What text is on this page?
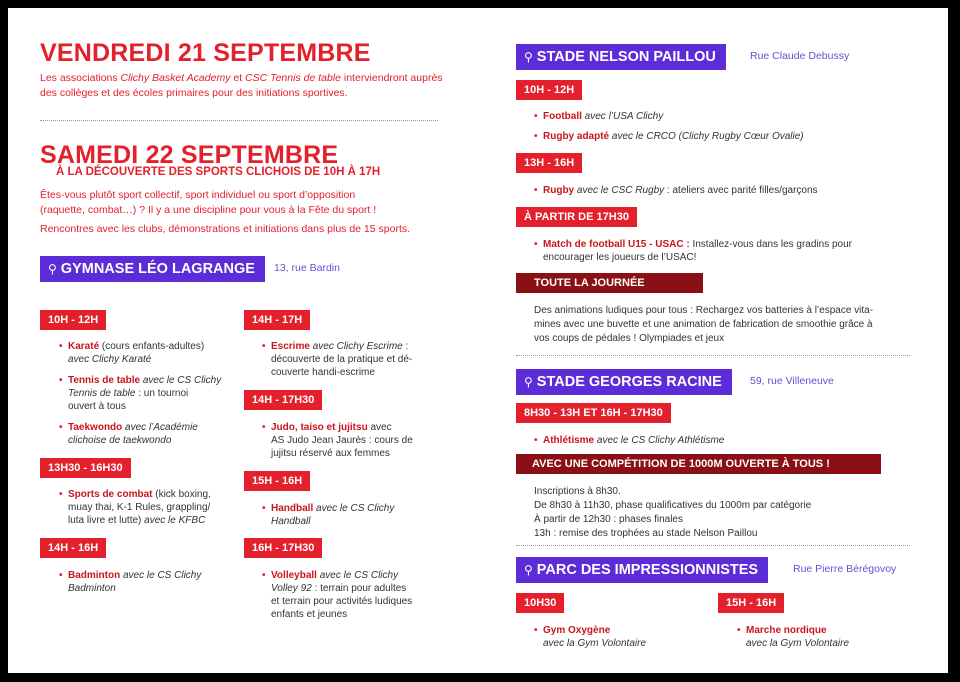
VENDREDI 21 SEPTEMBRE
Les associations Clichy Basket Academy et CSC Tennis de table interviendront auprès
des collèges et des écoles primaires pour des initiations sportives.
SAMEDI 22 SEPTEMBRE
À LA DÉCOUVERTE DES SPORTS CLICHOIS DE 10H À 17H
Êtes-vous plutôt sport collectif, sport individuel ou sport d’opposition
(raquette, combat…) ? Il y a une discipline pour vous à la Fête du sport !
Rencontres avec les clubs, démonstrations et initiations dans plus de 15 sports.
⚲ GYMNASE LÉO LAGRANGE	13, rue Bardin
10H - 12H
• Karaté (cours enfants-adultes)
avec Clichy Karaté
• Tennis de table avec le CS Clichy
Tennis de table : un tournoi
ouvert à tous
• Taekwondo avec l’Académie
clichoise de taekwondo
13H30 - 16H30
• Sports de combat (kick boxing,
muay thai, K-1 Rules, grappling/
luta livre et lutte) avec le KFBC
14H - 16H
• Badminton avec le CS Clichy
Badminton
14H - 17H
• Escrime avec Clichy Escrime :
découverte de la pratique et dé-
couverte handi-escrime
14H - 17H30
• Judo, taiso et jujitsu avec
AS Judo Jean Jaurès : cours de
jujitsu réservé aux femmes
15H - 16H
• Handball avec le CS Clichy
Handball
16H - 17H30
• Volleyball avec le CS Clichy
Volley 92 : terrain pour adultes
et terrain pour activités ludiques
enfants et jeunes
⚲ STADE NELSON PAILLOU	Rue Claude Debussy
10H - 12H
• Football avec l’USA Clichy
• Rugby adapté avec le CRCO (Clichy Rugby Cœur Ovalie)
13H - 16H
• Rugby avec le CSC Rugby : ateliers avec parité filles/garçons
À PARTIR DE 17H30
• Match de football U15 - USAC : Installez-vous dans les gradins pour
encourager les joueurs de l’USAC!
TOUTE LA JOURNÉE
Des animations ludiques pour tous : Rechargez vos batteries à l’espace vita-
mines avec une buvette et une animation de fabrication de smoothie grâce à
vos coups de pédales ! Olympiades et jeux
⚲ STADE GEORGES RACINE	59, rue Villeneuve
8H30 - 13H ET 16H - 17H30
• Athlétisme avec le CS Clichy Athlétisme
AVEC UNE COMPÉTITION DE 1000M OUVERTE À TOUS !
Inscriptions à 8h30.
De 8h30 à 11h30, phase qualificatives du 1000m par catégorie
À partir de 12h30 : phases finales
13h : remise des trophées au stade Nelson Paillou
⚲ PARC DES IMPRESSIONNISTES	Rue Pierre Bérégovoy
10H30	15H - 16H
• Gym Oxygène
avec la Gym Volontaire
• Marche nordique
avec la Gym Volontaire
